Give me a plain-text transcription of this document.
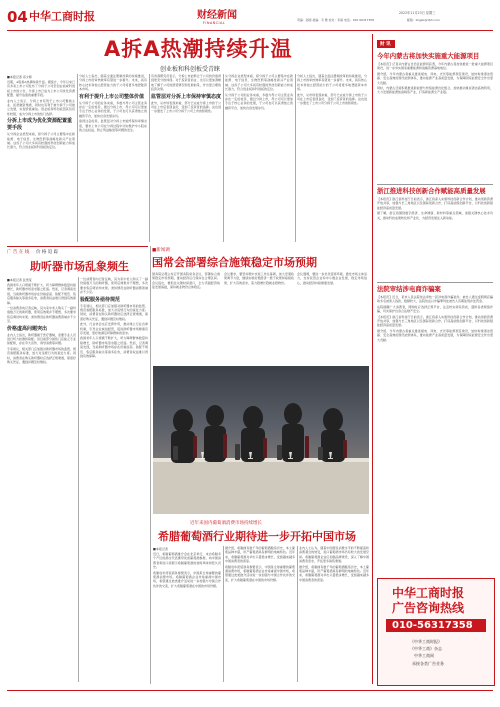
04 中华工商时报	财经新闻
FINANCIAL
2022年11月23日 星期三
责编：孙刚 美编：韦 雅 校对：李丽 电话：010-56317358	邮箱：zhgsb@163.com
A拆A热潮持续升温
创业板和科创板受青睐
■本报记者 邓少婷

近期，A股拆A热潮持续升温。据统计，今年以来已有多家上市公司发布了分拆子公司至创业板或科创板上市的公告，分拆上市已成为上市公司优化资源配置、提升估值的重要手段。

业内人士表示，分拆上市有利于上市公司聚焦主业、拓宽融资渠道，同时也有利于被分拆子公司独立发展，实现价值重估。创业板和科创板因其包容性较强，成为分拆上市的热门选择。

分拆上市成为优化资源配置重要手段

从分拆企业类型来看，拟分拆子公司主要集中在新能源、电子信息、生物医药等战略性新兴产业领域。这些子公司大多具有较强的科技创新能力和成长潜力，符合创业板和科创板的定位。

分析人士指出，随着全面注册制改革的持续推进，分拆上市的审核效率有望进一步提升。未来，具有核心技术和独立经营能力的子公司将更多地登陆资本市场。

有利于提升上市公司整体价值

从分拆子公司的业务来看，多数与母公司主营业务存在一定的差异，通过分拆上市，母公司可以更加专注于核心业务的发展，子公司也可以获得独立的融资平台，加快自身发展步伐。

值得注意的是，监管层对分拆上市始终保持审慎态度，要求上市公司在分拆过程中切实维护中小股东的合法权益，防止利益输送等问题的发生。

有券商研究员表示，分拆上市能够让子公司的价值得到更充分的体现。对于投资者而言，也可以更加清晰地了解子公司的经营情况和发展前景，作出更合理的投资决策。

监管层对分拆上市保持审慎态度

此外，从市场表现来看，部分已完成分拆上市的子公司在上市后表现良好，受到了投资者的追捧。这也进一步激发了上市公司分拆子公司上市的积极性。

从分拆企业类型来看，拟分拆子公司主要集中在新能源、电子信息、生物医药等战略性新兴产业领域。这些子公司大多具有较强的科技创新能力和成长潜力，符合创业板和科创板的定位。

从分拆子公司的业务来看，多数与母公司主营业务存在一定的差异，通过分拆上市，母公司可以更加专注于核心业务的发展，子公司也可以获得独立的融资平台，加快自身发展步伐。

分析人士指出，随着全面注册制改革的持续推进，分拆上市的审核效率有望进一步提升。未来，具有核心技术和独立经营能力的子公司将更多地登陆资本市场。

此外，从市场表现来看，部分已完成分拆上市的子公司在上市后表现良好，受到了投资者的追捧。这也进一步激发了上市公司分拆子公司上市的积极性。

财 讯
今年内蒙古将加快实施重大能源项目

【本报讯】记者从内蒙古自治区能源局获悉，今年内蒙古将加快推进一批重大能源项目建设，进一步夯实国家重要能源和战略资源基地地位。

据介绍，今年内蒙古将重点推进煤电、风电、光伏等能源项目建设，加快构建清洁低碳、安全高效的现代能源体系，推动能源产业高质量发展，为保障国家能源安全作出更大贡献。

同时，内蒙古还将积极推进新能源与传统能源优化组合，加快推动煤炭清洁高效利用，大力发展新能源装备制造产业，打造新能源全产业链。

浙江推进科技创新合作赋能高质量发展

【本报讯】浙江省科技厅日前表示，浙江将深入实施科技创新合作计划，推动创新资源开放共享，加强与长三角地区以及国际创新合作，打造高能级创新平台，以科技创新赋能经济高质量发展。

据了解，浙江将围绕数字经济、生命健康、新材料等重点领域，加强关键核心技术攻关，推动科技成果转化和产业化，为经济发展注入新动能。

法院审结涉电商诈骗案

【本报讯】近日，某市人民法院依法审结一起涉电商诈骗案件。被告人通过虚假网店骗取多名被害人钱款，数额较大，法院依法以诈骗罪判处被告人有期徒刑并处罚金。

法院提醒广大消费者，网购时应选择正规平台，注意核实商家资质，谨防各类网络诈骗，切实保护自身合法财产安全。

【本报讯】浙江省科技厅日前表示，浙江将深入实施科技创新合作计划，推动创新资源开放共享，加强与长三角地区以及国际创新合作，打造高能级创新平台，以科技创新赋能经济高质量发展。

据介绍，今年内蒙古将重点推进煤电、风电、光伏等能源项目建设，加快构建清洁低碳、安全高效的现代能源体系，推动能源产业高质量发展，为保障国家能源安全作出更大贡献。

中华工商时报
广告咨询热线
010-56317358
《中华工商时报》
《中华工商》杂志
中华工商网
承接各类广告业务
■新闻调
国常会部署综合施策稳定市场预期

国务院总理主持召开国务院常务会议，部署综合施策稳定市场预期，推动经济运行保持在合理区间。会议指出，要抓住关键时间窗口，全力巩固经济恢复发展基础，保持就业物价总体稳定。

会议要求，要坚持稳中求进工作总基调，加大宏观政策调节力度，继续实施好稳经济一揽子政策和接续政策，扩大有效需求，着力稳增长稳就业稳物价。

会议强调，要进一步优化营商环境，激发市场主体活力，支持民营企业和中小微企业发展，稳定市场信心，推动经济持续健康发展。

广 告 在 线 价 格 追 踪
助听器市场乱象频生
■本报记者 张雪莹

我国老年人口规模不断扩大，听力障碍群体数量持续增长，助听器市场需求随之旺盛。然而，记者调查发现，当前助听器市场存在价格虚高、验配不规范、售后服务缺失等诸多乱象，消费者权益难以得到有效保障。

一位消费者向记者反映，其为家中老人购买了一副价值数万元的助听器，使用后效果并不理想，多次要求售后调试均未果。类似情况在助听器消费领域并不少见。

价格虚高问题突出

业内人士指出，助听器属于医疗器械，需要专业人员进行听力检测和验配。但目前部分销售门店缺乏专业验配师，存在夸大宣传、诱导消费等问题。

专家建议，相关部门应加强对助听器市场的监管，规范验配服务标准，加大对违规行为的查处力度。同时，消费者在购买助听器时应选择正规渠道，保留好购买凭证，遇到问题及时维权。

一位消费者向记者反映，其为家中老人购买了一副价值数万元的助听器，使用后效果并不理想，多次要求售后调试均未果。类似情况在助听器消费领域并不少见。

验配服务亟待规范

专家建议，相关部门应加强对助听器市场的监管，规范验配服务标准，加大对违规行为的查处力度。同时，消费者在购买助听器时应选择正规渠道，保留好购买凭证，遇到问题及时维权。

此外，行业协会也应发挥作用，推动建立行业自律机制，引导企业诚信经营，促进助听器市场健康有序发展，更好地满足听障群体的需求。

我国老年人口规模不断扩大，听力障碍群体数量持续增长，助听器市场需求随之旺盛。然而，记者调查发现，当前助听器市场存在价格虚高、验配不规范、售后服务缺失等诸多乱象，消费者权益难以得到有效保障。

近年来国内葡萄酒消费市场持续增长
希腊葡萄酒行业期待进一步开拓中国市场
■本报记者

近日，希腊葡萄酒推介会在北京举行，来自希腊多个产区的酒庄代表携带优质葡萄酒参展，向中国消费者和进口商展示希腊葡萄酒的独特风味和悠久历史。

希腊驻华使馆商务参赞表示，中国是全球重要的葡萄酒消费市场，希腊葡萄酒企业非常重视中国市场，希望通过此类推介活动进一步加强与中国合作伙伴的交流，扩大希腊葡萄酒在中国的市场份额。

据介绍，希腊拥有数千年的葡萄酒酿造历史，本土葡萄品种丰富，所产葡萄酒具有鲜明的地域特色。近年来，希腊葡萄酒对华出口量稳步增长，受到越来越多中国消费者的喜爱。

希腊驻华使馆商务参赞表示，中国是全球重要的葡萄酒消费市场，希腊葡萄酒企业非常重视中国市场，希望通过此类推介活动进一步加强与中国合作伙伴的交流，扩大希腊葡萄酒在中国的市场份额。

业内人士认为，随着中国居民消费水平的不断提高和消费观念的转变，进口葡萄酒市场仍有较大的发展空间。希腊葡萄酒企业应加强品牌建设，深入了解中国消费者需求，开拓更多销售渠道。

据介绍，希腊拥有数千年的葡萄酒酿造历史，本土葡萄品种丰富，所产葡萄酒具有鲜明的地域特色。近年来，希腊葡萄酒对华出口量稳步增长，受到越来越多中国消费者的喜爱。
